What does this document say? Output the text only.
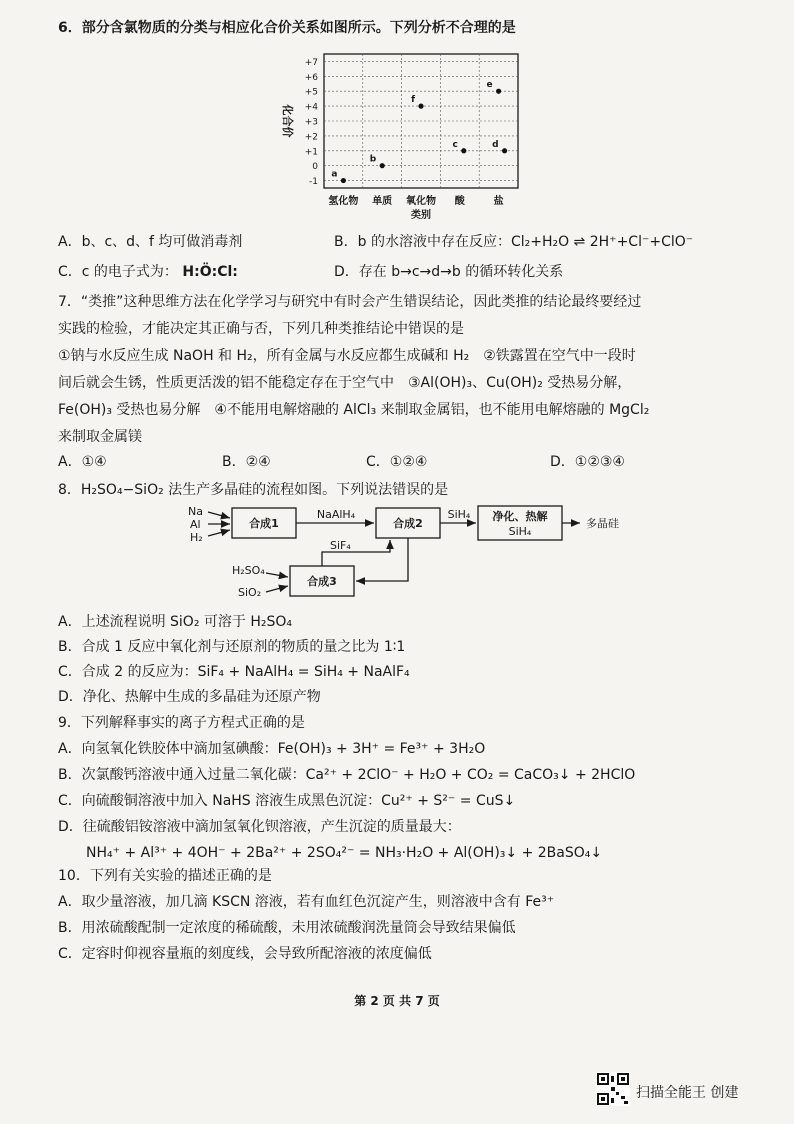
6．部分含氯物质的分类与相应化合价关系如图所示。下列分析不合理的是
+7
+6
+5
+4
+3
+2
+1
0
-1
氢化物 单质 氧化物 酸	盐
化合价
类别
a
b
c	d
e
f
A．b、c、d、f 均可做消毒剂	B．b 的水溶液中存在反应：Cl₂+H₂O ⇌ 2H⁺+Cl⁻+ClO⁻
C．c 的电子式为： H:Ö:Cl:	D．存在 b→c→d→b 的循环转化关系
7．“类推”这种思维方法在化学学习与研究中有时会产生错误结论，因此类推的结论最终要经过
实践的检验，才能决定其正确与否，下列几种类推结论中错误的是
①钠与水反应生成 NaOH 和 H₂，所有金属与水反应都生成碱和 H₂　②铁露置在空气中一段时
间后就会生锈，性质更活泼的铝不能稳定存在于空气中　③Al(OH)₃、Cu(OH)₂ 受热易分解，
Fe(OH)₃ 受热也易分解　④不能用电解熔融的 AlCl₃ 来制取金属铝，也不能用电解熔融的 MgCl₂
来制取金属镁
A．①④	B．②④	C．①②④	D．①②③④
8．H₂SO₄−SiO₂ 法生产多晶硅的流程如图。下列说法错误的是
Na
Al
H₂
合成1
NaAlH₄
合成2
SiH₄ 净化、热解
SiH₄
多晶硅
SiF₄
H₂SO₄
SiO₂
合成3
A．上述流程说明 SiO₂ 可溶于 H₂SO₄
B．合成 1 反应中氧化剂与还原剂的物质的量之比为 1∶1
C．合成 2 的反应为：SiF₄ + NaAlH₄ = SiH₄ + NaAlF₄
D．净化、热解中生成的多晶硅为还原产物
9．下列解释事实的离子方程式正确的是
A．向氢氧化铁胶体中滴加氢碘酸：Fe(OH)₃ + 3H⁺ = Fe³⁺ + 3H₂O
B．次氯酸钙溶液中通入过量二氧化碳：Ca²⁺ + 2ClO⁻ + H₂O + CO₂ = CaCO₃↓ + 2HClO
C．向硫酸铜溶液中加入 NaHS 溶液生成黑色沉淀：Cu²⁺ + S²⁻ = CuS↓
D．往硫酸铝铵溶液中滴加氢氧化钡溶液，产生沉淀的质量最大：
NH₄⁺ + Al³⁺ + 4OH⁻ + 2Ba²⁺ + 2SO₄²⁻ = NH₃·H₂O + Al(OH)₃↓ + 2BaSO₄↓
10．下列有关实验的描述正确的是
A．取少量溶液，加几滴 KSCN 溶液，若有血红色沉淀产生，则溶液中含有 Fe³⁺
B．用浓硫酸配制一定浓度的稀硫酸，未用浓硫酸润洗量筒会导致结果偏低
C．定容时仰视容量瓶的刻度线，会导致所配溶液的浓度偏低
第 2 页 共 7 页
扫描全能王 创建
